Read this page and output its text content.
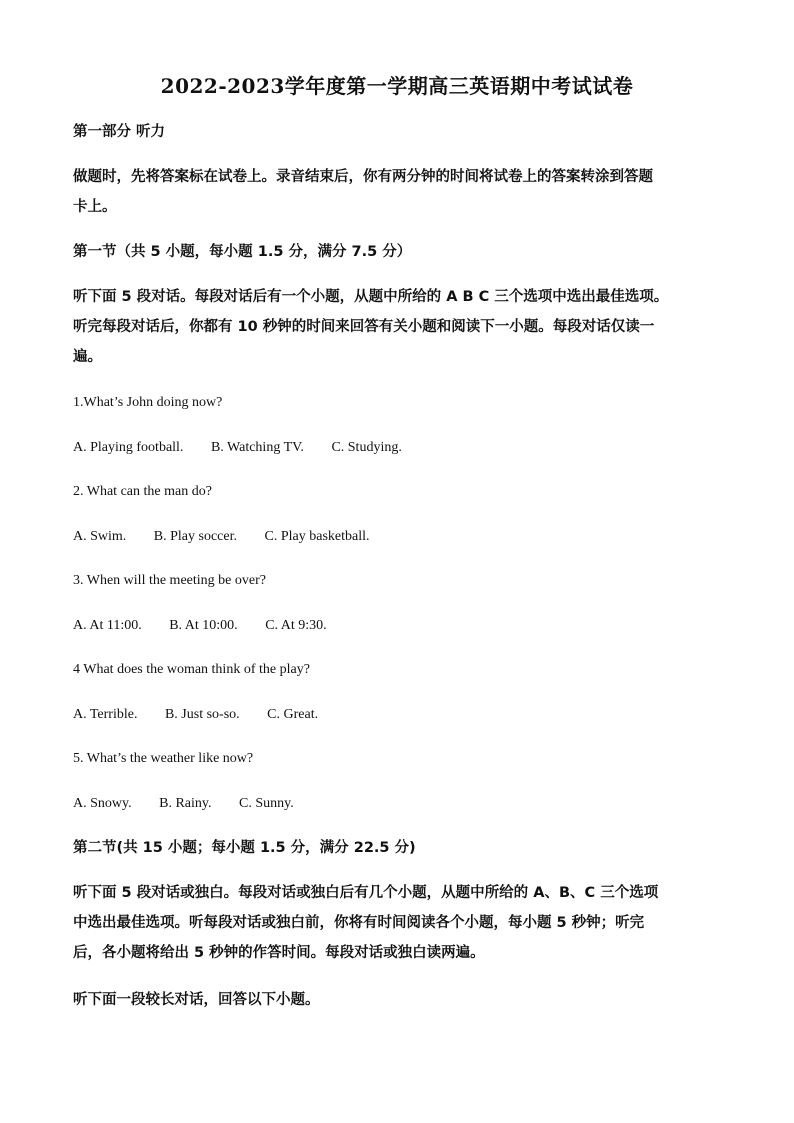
2022-2023学年度第一学期高三英语期中考试试卷
第一部分 听力
做题时，先将答案标在试卷上。录音结束后，你有两分钟的时间将试卷上的答案转涂到答题
卡上。
第一节（共 5 小题，每小题 1.5 分，满分 7.5 分）
听下面 5 段对话。每段对话后有一个小题，从题中所给的 A B C 三个选项中选出最佳选项。
听完每段对话后，你都有 10 秒钟的时间来回答有关小题和阅读下一小题。每段对话仅读一
遍。
1.What’s John doing now?
A. Playing football. B. Watching TV. C. Studying.
2. What can the man do?
A. Swim. B. Play soccer. C. Play basketball.
3. When will the meeting be over?
A. At 11:00. B. At 10:00. C. At 9:30.
4 What does the woman think of the play?
A. Terrible. B. Just so-so. C. Great.
5. What’s the weather like now?
A. Snowy. B. Rainy. C. Sunny.
第二节(共 15 小题；每小题 1.5 分，满分 22.5 分)
听下面 5 段对话或独白。每段对话或独白后有几个小题，从题中所给的 A、B、C 三个选项
中选出最佳选项。听每段对话或独白前，你将有时间阅读各个小题，每小题 5 秒钟；听完
后，各小题将给出 5 秒钟的作答时间。每段对话或独白读两遍。
听下面一段较长对话，回答以下小题。
